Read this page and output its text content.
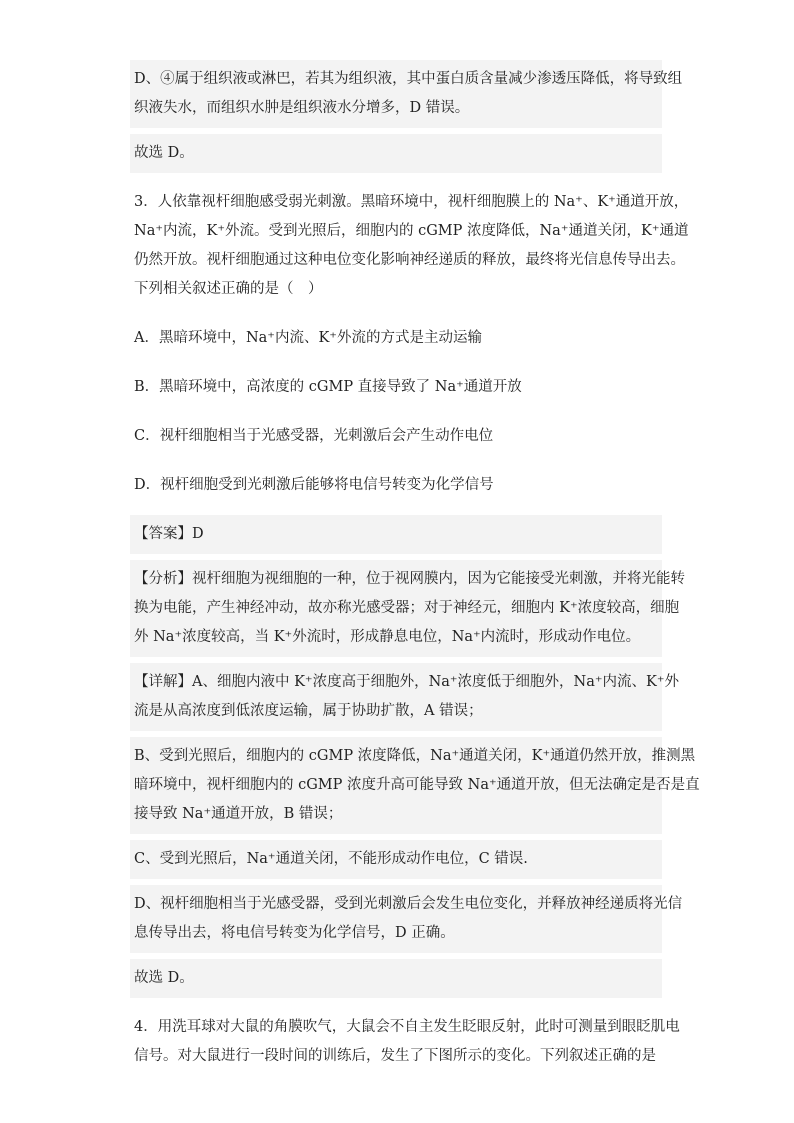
D、④属于组织液或淋巴，若其为组织液，其中蛋白质含量减少渗透压降低，将导致组
织液失水，而组织水肿是组织液水分增多，D 错误。
故选 D。
3．人依靠视杆细胞感受弱光刺激。黑暗环境中，视杆细胞膜上的 Na⁺、K⁺通道开放，
Na⁺内流，K⁺外流。受到光照后，细胞内的 cGMP 浓度降低，Na⁺通道关闭，K⁺通道
仍然开放。视杆细胞通过这种电位变化影响神经递质的释放，最终将光信息传导出去。
下列相关叙述正确的是（　）
A．黑暗环境中，Na⁺内流、K⁺外流的方式是主动运输
B．黑暗环境中，高浓度的 cGMP 直接导致了 Na⁺通道开放
C．视杆细胞相当于光感受器，光刺激后会产生动作电位
D．视杆细胞受到光刺激后能够将电信号转变为化学信号
【答案】D
【分析】视杆细胞为视细胞的一种，位于视网膜内，因为它能接受光刺激，并将光能转
换为电能，产生神经冲动，故亦称光感受器；对于神经元，细胞内 K⁺浓度较高，细胞
外 Na⁺浓度较高，当 K⁺外流时，形成静息电位，Na⁺内流时，形成动作电位。
【详解】A、细胞内液中 K⁺浓度高于细胞外，Na⁺浓度低于细胞外，Na⁺内流、K⁺外
流是从高浓度到低浓度运输，属于协助扩散，A 错误；
B、受到光照后，细胞内的 cGMP 浓度降低，Na⁺通道关闭，K⁺通道仍然开放，推测黑
暗环境中，视杆细胞内的 cGMP 浓度升高可能导致 Na⁺通道开放，但无法确定是否是直
接导致 Na⁺通道开放，B 错误；
C、受到光照后，Na⁺通道关闭，不能形成动作电位，C 错误.
D、视杆细胞相当于光感受器，受到光刺激后会发生电位变化，并释放神经递质将光信
息传导出去，将电信号转变为化学信号，D 正确。
故选 D。
4．用洗耳球对大鼠的角膜吹气，大鼠会不自主发生眨眼反射，此时可测量到眼眨肌电
信号。对大鼠进行一段时间的训练后，发生了下图所示的变化。下列叙述正确的是
